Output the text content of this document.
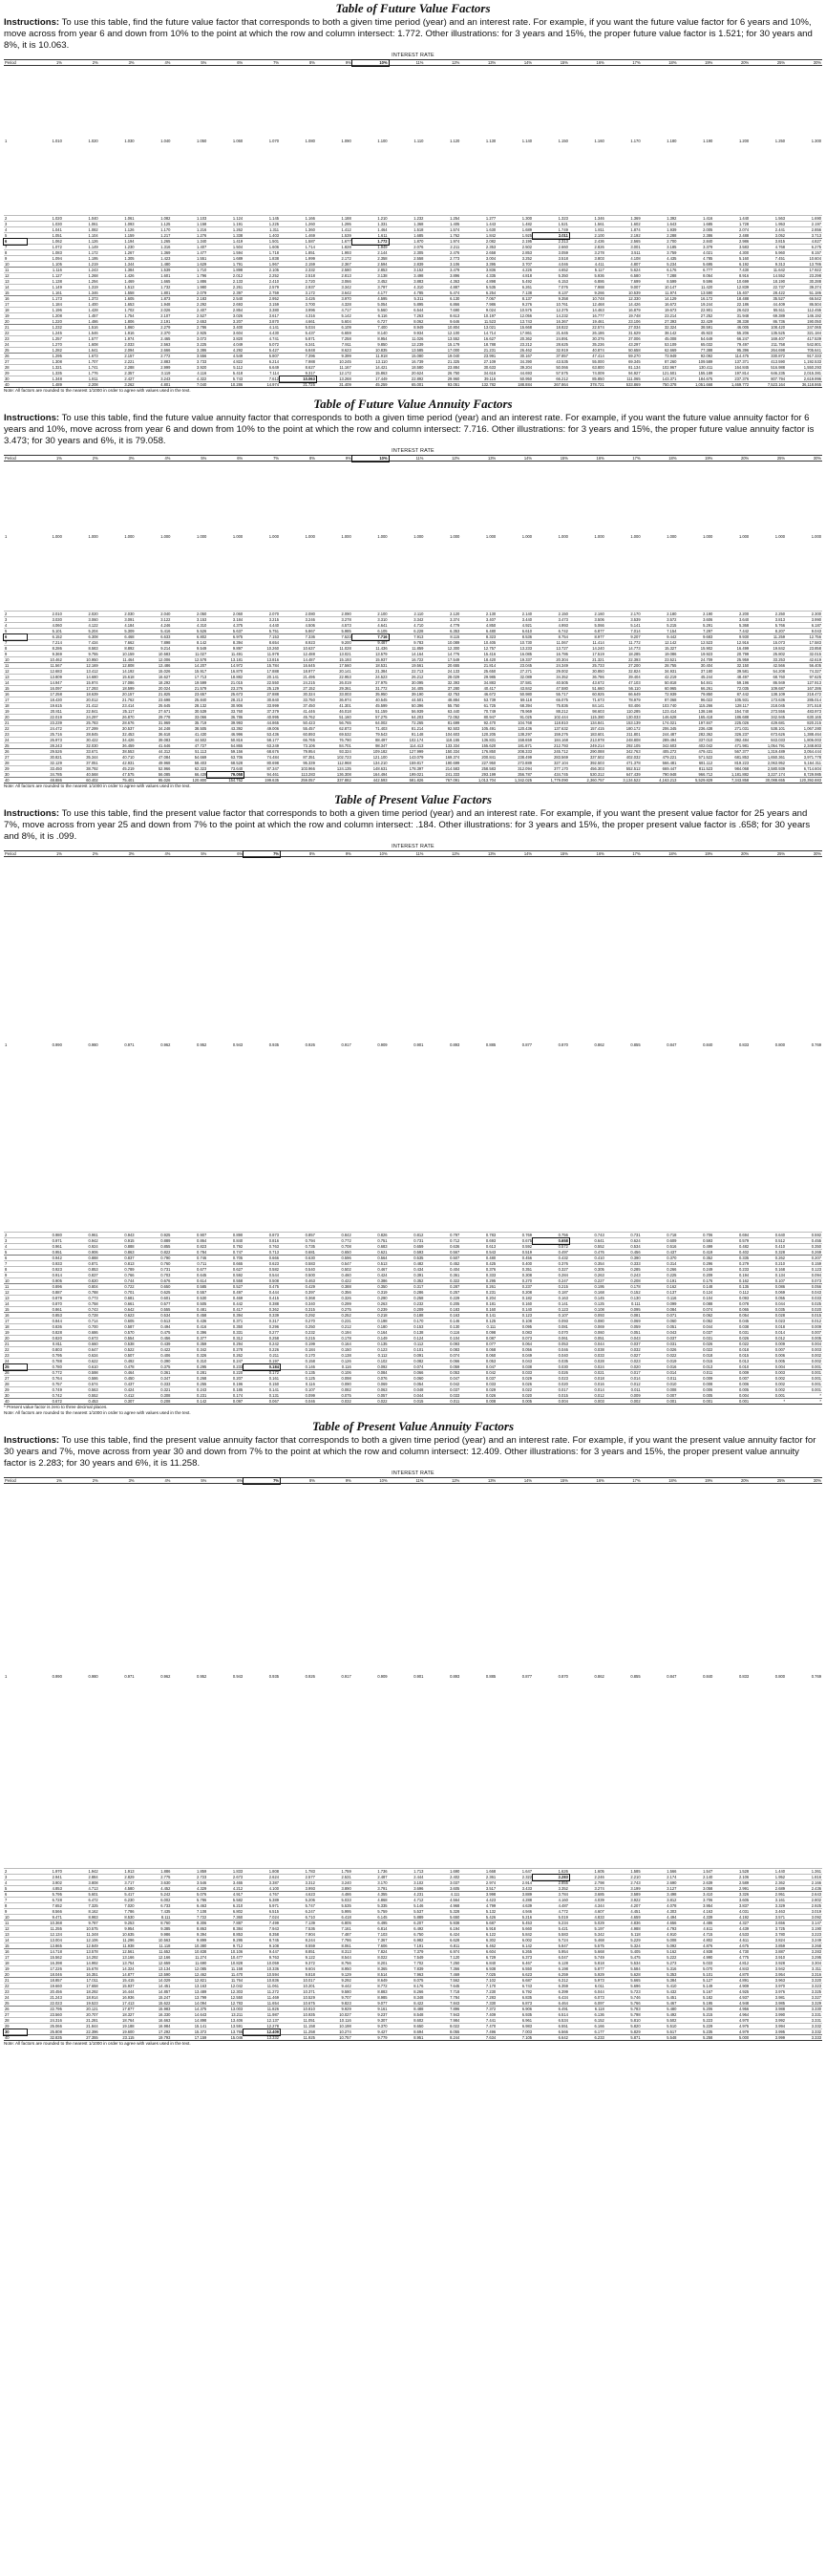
Table of Future Value Factors

Instructions: To use this table, find the future value factor that corresponds to both a given time period (year) and an interest rate. For example, if you want the future value factor for 6 years and 10%, move across from year 6 and down from 10% to the point at which the row and column intersect: 1.772. Other illustrations: for 3 years and 15%, the proper future value factor is 1.521; for 30 years and 8%, it is 10.063.

INTEREST RATE
Period	1%	2%	3%	4%	5%	6%	7%	8%	9%	10%	11%	12%	13%	14%	15%	16%	17%	18%	19%	20%	25%	30%
1	1.010	1.020	1.030	1.040	1.050	1.060	1.070	1.080	1.090	1.100	1.110	1.120	1.130	1.140	1.150	1.160	1.170	1.180	1.190	1.200	1.250	1.300
2	1.020	1.040	1.061	1.082	1.103	1.124	1.145	1.166	1.188	1.210	1.232	1.254	1.277	1.300	1.323	1.346	1.369	1.392	1.416	1.440	1.563	1.690
3	1.030	1.061	1.093	1.125	1.158	1.191	1.225	1.260	1.295	1.331	1.368	1.405	1.443	1.482	1.521	1.561	1.602	1.643	1.685	1.728	1.953	2.197
4	1.041	1.082	1.126	1.170	1.216	1.262	1.311	1.360	1.412	1.464	1.518	1.574	1.630	1.689	1.749	1.811	1.874	1.939	2.005	2.074	2.441	2.856
5	1.051	1.104	1.159	1.217	1.276	1.338	1.403	1.469	1.539	1.611	1.685	1.762	1.842	1.925	2.011	2.100	2.192	2.288	2.386	2.488	3.052	3.713
6	1.062	1.126	1.194	1.265	1.340	1.419	1.501	1.587	1.677	1.772	1.870	1.974	2.082	2.195	2.313	2.436	2.565	2.700	2.840	2.986	3.815	4.827
7	1.072	1.149	1.230	1.316	1.407	1.504	1.606	1.714	1.828	1.949	2.076	2.211	2.353	2.502	2.660	2.826	3.001	3.185	3.379	3.583	4.768	6.275
8	1.083	1.172	1.267	1.369	1.477	1.594	1.718	1.851	1.993	2.144	2.305	2.476	2.658	2.853	3.059	3.278	3.511	3.759	4.021	4.300	5.960	8.157
9	1.094	1.195	1.305	1.423	1.551	1.689	1.838	1.999	2.172	2.358	2.558	2.773	3.004	3.252	3.518	3.803	4.108	4.435	4.785	5.160	7.451	10.604
10	1.105	1.219	1.344	1.480	1.629	1.791	1.967	2.159	2.367	2.594	2.839	3.106	3.395	3.707	4.046	4.411	4.807	5.234	5.695	6.192	9.313	13.786
11	1.116	1.243	1.384	1.539	1.710	1.898	2.105	2.332	2.580	2.853	3.152	3.479	3.836	4.226	4.652	5.117	5.624	6.176	6.777	7.430	11.642	17.922
12	1.127	1.268	1.426	1.601	1.796	2.012	2.252	2.518	2.813	3.138	3.498	3.896	4.335	4.818	5.350	5.936	6.580	7.288	8.064	8.916	14.552	23.298
13	1.138	1.294	1.469	1.665	1.886	2.133	2.410	2.720	3.066	3.452	3.883	4.363	4.898	5.492	6.153	6.886	7.699	8.599	9.596	10.699	18.190	30.288
14	1.149	1.319	1.513	1.732	1.980	2.261	2.579	2.937	3.342	3.797	4.310	4.887	5.535	6.261	7.076	7.988	9.007	10.147	11.420	12.839	22.737	39.374
15	1.161	1.346	1.558	1.801	2.079	2.397	2.759	3.172	3.642	4.177	4.785	5.474	6.254	7.138	8.137	9.266	10.539	11.974	13.590	15.407	28.422	51.186
16	1.173	1.373	1.605	1.873	2.183	2.540	2.952	3.426	3.970	4.595	5.311	6.130	7.067	8.137	9.358	10.748	12.330	14.129	16.172	18.488	35.527	66.542
17	1.184	1.400	1.653	1.948	2.292	2.693	3.159	3.700	4.328	5.054	5.895	6.866	7.986	9.276	10.761	12.468	14.426	16.672	19.244	22.186	44.409	86.504
18	1.196	1.428	1.702	2.026	2.407	2.854	3.380	3.996	4.717	5.560	6.544	7.690	9.024	10.575	12.375	14.463	16.879	19.673	22.901	26.623	55.511	112.455
19	1.208	1.457	1.754	2.107	2.527	3.026	3.617	4.316	5.142	6.116	7.263	8.613	10.197	12.056	14.232	16.777	19.748	23.214	27.252	31.948	69.389	146.192
20	1.220	1.486	1.806	2.191	2.653	3.207	3.870	4.661	5.604	6.727	8.062	9.646	11.523	13.743	16.367	19.461	23.106	27.393	32.429	38.338	86.736	190.050
21	1.232	1.516	1.860	2.279	2.786	3.400	4.141	5.034	6.109	7.400	8.949	10.804	13.021	15.668	18.822	22.574	27.034	32.324	38.591	46.005	108.420	247.065
22	1.245	1.546	1.916	2.370	2.925	3.604	4.430	5.437	6.659	8.140	9.934	12.100	14.714	17.861	21.645	26.186	31.629	38.142	45.923	55.206	135.525	321.184
23	1.257	1.577	1.974	2.465	3.072	3.820	4.741	5.871	7.258	8.954	11.026	13.552	16.627	20.362	24.891	30.376	37.006	45.008	54.649	66.247	169.407	417.539
24	1.270	1.608	2.033	2.563	3.225	4.049	5.072	6.341	7.911	9.850	12.239	15.179	18.788	23.212	28.625	35.236	43.297	53.109	65.032	79.497	211.758	542.801
25	1.282	1.641	2.094	2.666	3.386	4.292	5.427	6.848	8.623	10.835	13.585	17.000	21.231	26.462	32.919	40.874	50.658	62.669	77.388	95.396	264.698	705.641
26	1.295	1.673	2.157	2.772	3.556	4.549	5.807	7.396	9.399	11.918	15.080	19.040	23.991	30.167	37.857	47.414	59.270	73.949	92.092	114.475	330.872	917.333
27	1.308	1.707	2.221	2.883	3.733	4.822	6.214	7.988	10.245	13.110	16.739	21.325	27.109	34.390	43.535	55.000	69.345	87.260	109.589	137.371	413.590	1,192.533
28	1.321	1.741	2.288	2.999	3.920	5.112	6.649	8.627	11.167	14.421	18.580	23.884	30.633	39.204	50.066	63.800	81.134	102.967	130.411	164.845	516.988	1,550.293
29	1.335	1.776	2.357	3.119	4.116	5.418	7.114	9.317	12.172	15.863	20.624	26.750	34.616	44.693	57.575	74.009	94.927	121.501	155.189	197.814	646.235	2,015.381
30	1.348	1.811	2.427	3.243	4.322	5.743	7.612	10.063	13.268	17.449	22.892	29.960	39.116	50.950	66.212	85.850	111.065	143.371	184.675	237.376	807.794	2,619.996
40	1.489	2.208	3.262	4.801	7.040	10.286	14.974	21.725	31.409	45.259	65.001	93.051	132.782	188.884	267.864	378.721	533.869	750.378	1,051.668	1,469.772	7,523.164	36,118.865
Note: All factors are rounded to the nearest 1/1000 in order to agree with values used in the text.
Table of Future Value Annuity Factors

Instructions: To use this table, find the future value annuity factor that corresponds to both a given time period (year) and an interest rate. For example, if you want the future value annuity factor for 6 years and 10%, move across from year 6 and down from 10% to the point at which the row and column intersect: 7.716. Other illustrations: for 3 years and 15%, the proper future value annuity factor is 3.473; for 30 years and 6%, it is 79.058.

INTEREST RATE
Period	1%	2%	3%	4%	5%	6%	7%	8%	9%	10%	11%	12%	13%	14%	15%	16%	17%	18%	19%	20%	25%	30%
1	1.000	1.000	1.000	1.000	1.000	1.000	1.000	1.000	1.000	1.000	1.000	1.000	1.000	1.000	1.000	1.000	1.000	1.000	1.000	1.000	1.000	1.000
2	2.010	2.020	2.030	2.040	2.050	2.060	2.070	2.080	2.090	2.100	2.110	2.120	2.130	2.140	2.150	2.160	2.170	2.180	2.190	2.200	2.250	2.300
3	3.030	3.060	3.091	3.122	3.153	3.184	3.215	3.246	3.278	3.310	3.342	3.374	3.407	3.440	3.473	3.506	3.539	3.572	3.606	3.640	3.813	3.990
4	4.060	4.122	4.184	4.246	4.310	4.375	4.440	4.506	4.573	4.641	4.710	4.779	4.850	4.921	4.993	5.066	5.141	5.215	5.291	5.368	5.766	6.187
5	5.101	5.204	5.309	5.416	5.526	5.637	5.751	5.867	5.985	6.105	6.228	6.353	6.480	6.610	6.742	6.877	7.014	7.154	7.297	7.442	8.207	9.043
6	6.152	6.308	6.468	6.633	6.802	6.975	7.153	7.336	7.523	7.716	7.913	8.115	8.323	8.536	8.754	8.977	9.207	9.442	9.683	9.930	11.259	12.756
7	7.214	7.434	7.662	7.898	8.142	8.394	8.654	8.923	9.200	9.487	9.783	10.089	10.405	10.730	11.067	11.414	11.772	12.142	12.523	12.916	15.073	17.583
8	8.286	8.583	8.892	9.214	9.549	9.897	10.260	10.637	11.028	11.436	11.859	12.300	12.757	13.233	13.727	14.240	14.773	15.327	15.902	16.499	19.842	23.858
9	9.369	9.755	10.159	10.583	11.027	11.491	11.978	12.488	13.021	13.579	14.164	14.776	15.416	16.085	16.786	17.519	18.285	19.086	19.923	20.799	25.802	32.015
10	10.462	10.950	11.464	12.006	12.578	13.181	13.816	14.487	15.193	15.937	16.722	17.549	18.420	19.337	20.304	21.321	22.393	23.521	24.709	25.959	33.253	42.619
11	11.567	12.169	12.808	13.486	14.207	14.972	15.784	16.645	17.560	18.531	19.561	20.655	21.814	23.045	24.349	25.733	27.200	28.755	30.404	32.150	42.566	56.405
12	12.683	13.412	14.192	15.026	15.917	16.870	17.888	18.977	20.141	21.384	22.713	24.133	25.650	27.271	29.002	30.850	32.824	34.931	37.180	39.581	54.208	74.327
13	13.809	14.680	15.618	16.627	17.713	18.882	20.141	21.495	22.953	24.523	26.212	28.029	29.985	32.089	34.352	36.786	39.404	42.219	45.244	48.497	68.760	97.625
14	14.947	15.974	17.086	18.292	19.599	21.015	22.550	24.215	26.019	27.975	30.095	32.393	34.883	37.581	40.505	43.672	47.103	50.818	54.841	59.196	86.949	127.913
15	16.097	17.293	18.599	20.024	21.579	23.276	25.129	27.152	29.361	31.772	34.405	37.280	40.417	43.842	47.580	51.660	56.110	60.965	66.261	72.035	109.687	167.286
16	17.258	18.639	20.157	21.825	23.657	25.673	27.888	30.324	33.003	35.950	39.190	42.753	46.672	50.980	55.717	60.925	66.649	72.939	79.850	87.442	138.109	218.472
17	18.430	20.012	21.762	23.698	25.840	28.213	30.840	33.750	36.974	40.545	44.501	48.884	53.739	59.118	65.075	71.673	78.979	87.068	96.022	105.931	173.636	285.014
18	19.615	21.412	23.414	25.645	28.132	30.906	33.999	37.450	41.301	45.599	50.396	55.750	61.725	68.394	75.836	84.141	93.406	103.740	115.266	128.117	218.045	371.518
19	20.811	22.841	25.117	27.671	30.539	33.760	37.379	41.446	46.018	51.159	56.939	63.440	70.749	78.969	88.212	98.603	110.285	123.414	138.166	154.740	273.556	483.973
20	22.019	24.297	26.870	29.778	33.066	36.786	40.995	45.762	51.160	57.275	64.203	72.052	80.947	91.025	102.444	115.380	130.033	146.628	165.418	186.688	342.945	630.165
21	23.239	25.783	28.676	31.969	35.719	39.993	44.865	50.423	56.765	64.002	72.265	81.699	92.470	104.768	118.810	134.841	153.139	174.021	197.847	225.026	429.681	820.215
22	24.472	27.299	30.537	34.248	38.505	43.392	49.006	55.457	62.873	71.403	81.214	92.503	105.491	120.436	137.632	157.415	180.172	206.345	236.438	271.031	538.101	1,067.280
23	25.716	28.845	32.453	36.618	41.430	46.996	53.436	60.893	69.532	79.543	91.148	104.603	120.205	138.297	159.276	183.601	211.801	244.487	282.362	326.237	673.626	1,388.464
24	26.973	30.422	34.426	39.083	44.502	50.816	58.177	66.765	76.790	88.497	102.174	118.155	136.831	158.659	184.168	213.978	248.808	289.494	337.010	392.484	843.033	1,806.003
25	28.243	32.030	36.459	41.646	47.727	54.865	63.249	73.106	84.701	98.347	114.413	133.334	155.620	181.871	212.793	249.214	292.105	342.603	402.042	471.981	1,054.791	2,348.803
26	29.526	33.671	38.553	44.312	51.113	59.156	68.676	79.954	93.324	109.182	127.999	150.334	176.850	208.333	245.712	290.088	342.763	405.272	479.431	567.377	1,319.489	3,054.444
27	30.821	35.344	40.710	47.084	54.669	63.706	74.484	87.351	102.723	121.100	143.079	169.374	200.841	238.499	283.569	337.502	402.032	479.221	571.522	681.853	1,650.361	3,971.778
28	32.129	37.051	42.931	49.968	58.403	68.528	80.698	95.339	112.968	134.210	159.817	190.699	227.950	272.889	327.104	392.503	471.378	566.481	681.112	819.223	2,063.952	5,164.311
29	33.450	38.792	45.219	52.966	62.323	73.640	87.347	103.966	124.135	148.631	178.397	214.583	258.583	312.094	377.170	456.303	552.512	669.447	811.523	984.068	2,580.939	6,714.604
30	34.785	40.568	47.575	56.085	66.439	79.058	94.461	113.283	136.308	164.494	199.021	241.333	293.199	356.787	434.745	530.312	647.439	790.948	966.712	1,181.882	3,227.174	8,729.985
40	48.886	60.402	75.401	95.026	120.800	154.762	199.635	259.057	337.882	442.593	581.826	767.091	1,013.704	1,342.025	1,779.090	2,360.757	3,134.522	4,163.213	5,529.829	7,343.858	30,088.655	120,392.883
Note: All factors are rounded to the nearest 1/1000 in order to agree with values used in the text.
Table of Present Value Factors

Instructions: To use this table, find the present value factor that corresponds to both a given time period (year) and an interest rate. For example, if you want the present value factor for 25 years and 7%, move across from year 25 and down from 7% to the point at which the row and column intersect: .184. Other illustrations: for 3 years and 15%, the proper present value factor is .658; for 30 years and 8%, it is .099.

INTEREST RATE
Period	1%	2%	3%	4%	5%	6%	7%	8%	9%	10%	11%	12%	13%	14%	15%	16%	17%	18%	19%	20%	25%	30%
1	0.990	0.980	0.971	0.962	0.952	0.943	0.935	0.926	0.917	0.909	0.901	0.893	0.885	0.877	0.870	0.862	0.855	0.847	0.840	0.833	0.800	0.769
2	0.980	0.961	0.943	0.925	0.907	0.890	0.873	0.857	0.842	0.826	0.812	0.797	0.783	0.769	0.756	0.743	0.731	0.718	0.706	0.694	0.640	0.592
3	0.971	0.942	0.915	0.889	0.864	0.840	0.816	0.794	0.772	0.751	0.731	0.712	0.693	0.675	0.658	0.641	0.624	0.609	0.593	0.579	0.512	0.455
4	0.961	0.924	0.888	0.855	0.823	0.792	0.763	0.735	0.708	0.683	0.659	0.636	0.613	0.592	0.572	0.552	0.534	0.516	0.499	0.482	0.410	0.350
5	0.951	0.906	0.863	0.822	0.784	0.747	0.713	0.681	0.650	0.621	0.593	0.567	0.543	0.519	0.497	0.476	0.456	0.437	0.419	0.402	0.328	0.269
6	0.942	0.888	0.837	0.790	0.746	0.705	0.666	0.630	0.596	0.564	0.535	0.507	0.480	0.456	0.432	0.410	0.390	0.370	0.352	0.335	0.262	0.207
7	0.933	0.871	0.813	0.760	0.711	0.665	0.623	0.583	0.547	0.513	0.482	0.452	0.425	0.400	0.376	0.354	0.333	0.314	0.296	0.279	0.210	0.159
8	0.923	0.853	0.789	0.731	0.677	0.627	0.582	0.540	0.502	0.467	0.434	0.404	0.376	0.351	0.327	0.305	0.285	0.266	0.249	0.233	0.168	0.123
9	0.914	0.837	0.766	0.703	0.645	0.592	0.544	0.500	0.460	0.424	0.391	0.361	0.333	0.308	0.284	0.263	0.243	0.225	0.209	0.194	0.134	0.094
10	0.905	0.820	0.744	0.676	0.614	0.558	0.508	0.463	0.422	0.386	0.352	0.322	0.295	0.270	0.247	0.227	0.208	0.191	0.176	0.162	0.107	0.073
11	0.896	0.804	0.722	0.650	0.585	0.527	0.475	0.429	0.388	0.350	0.317	0.287	0.261	0.237	0.215	0.195	0.178	0.162	0.148	0.135	0.086	0.056
12	0.887	0.788	0.701	0.625	0.557	0.497	0.444	0.397	0.356	0.319	0.286	0.257	0.231	0.208	0.187	0.168	0.152	0.137	0.124	0.112	0.069	0.043
13	0.879	0.773	0.681	0.601	0.530	0.469	0.415	0.368	0.326	0.290	0.258	0.229	0.204	0.182	0.163	0.145	0.130	0.116	0.104	0.093	0.055	0.033
14	0.870	0.758	0.661	0.577	0.505	0.442	0.388	0.340	0.299	0.263	0.232	0.205	0.181	0.160	0.141	0.125	0.111	0.099	0.088	0.078	0.044	0.025
15	0.861	0.743	0.642	0.555	0.481	0.417	0.362	0.315	0.275	0.239	0.209	0.183	0.160	0.140	0.123	0.108	0.095	0.084	0.074	0.065	0.035	0.020
16	0.853	0.728	0.623	0.534	0.458	0.394	0.339	0.292	0.252	0.218	0.188	0.163	0.141	0.123	0.107	0.093	0.081	0.071	0.062	0.054	0.028	0.015
17	0.844	0.714	0.605	0.513	0.436	0.371	0.317	0.270	0.231	0.198	0.170	0.146	0.125	0.108	0.093	0.080	0.069	0.060	0.052	0.045	0.023	0.012
18	0.836	0.700	0.587	0.494	0.416	0.350	0.296	0.250	0.212	0.180	0.153	0.130	0.111	0.095	0.081	0.069	0.059	0.051	0.044	0.038	0.018	0.009
19	0.828	0.686	0.570	0.475	0.396	0.331	0.277	0.232	0.194	0.164	0.138	0.116	0.098	0.083	0.070	0.060	0.051	0.043	0.037	0.031	0.014	0.007
20	0.820	0.673	0.554	0.456	0.377	0.312	0.258	0.215	0.178	0.149	0.124	0.104	0.087	0.073	0.061	0.051	0.043	0.037	0.031	0.026	0.012	0.005
21	0.811	0.660	0.538	0.439	0.359	0.294	0.242	0.199	0.164	0.135	0.112	0.093	0.077	0.064	0.053	0.044	0.037	0.031	0.026	0.022	0.009	0.004
22	0.803	0.647	0.522	0.422	0.342	0.278	0.226	0.184	0.150	0.123	0.101	0.083	0.068	0.056	0.046	0.038	0.032	0.026	0.022	0.018	0.007	0.003
23	0.795	0.634	0.507	0.406	0.326	0.262	0.211	0.170	0.138	0.112	0.091	0.074	0.060	0.049	0.040	0.033	0.027	0.022	0.018	0.015	0.006	0.002
24	0.788	0.622	0.492	0.390	0.310	0.247	0.197	0.158	0.126	0.102	0.082	0.066	0.053	0.043	0.035	0.028	0.023	0.019	0.015	0.013	0.005	0.002
25	0.780	0.610	0.478	0.375	0.295	0.233	0.184	0.146	0.116	0.092	0.074	0.059	0.047	0.038	0.030	0.024	0.020	0.016	0.013	0.010	0.004	0.001
26	0.772	0.598	0.464	0.361	0.281	0.220	0.172	0.135	0.106	0.084	0.066	0.053	0.042	0.033	0.026	0.021	0.017	0.014	0.011	0.009	0.003	0.001
27	0.764	0.586	0.450	0.347	0.268	0.207	0.161	0.125	0.098	0.076	0.060	0.047	0.037	0.029	0.023	0.018	0.014	0.011	0.009	0.007	0.002	0.001
28	0.757	0.574	0.437	0.333	0.255	0.196	0.150	0.116	0.090	0.069	0.054	0.042	0.033	0.026	0.020	0.016	0.012	0.010	0.008	0.006	0.002	0.001
29	0.749	0.563	0.424	0.321	0.243	0.185	0.141	0.107	0.082	0.063	0.048	0.037	0.029	0.022	0.017	0.014	0.011	0.008	0.006	0.005	0.002	0.001
30	0.742	0.552	0.412	0.308	0.231	0.174	0.131	0.099	0.075	0.057	0.044	0.033	0.026	0.020	0.015	0.012	0.009	0.007	0.005	0.004	0.001	*
40	0.672	0.453	0.307	0.208	0.142	0.097	0.067	0.046	0.032	0.022	0.015	0.011	0.008	0.005	0.004	0.003	0.002	0.001	0.001	0.001	*	*
* Present value factor is zero to three decimal places.
Note: All factors are rounded to the nearest 1/1000 in order to agree with values used in the text.
Table of Present Value Annuity Factors

Instructions: To use this table, find the present value annuity factor that corresponds to both a given time period (year) and an interest rate. For example, if you want the present value annuity factor for 30 years and 7%, move across from year 30 and down from 7% to the point at which the row and column intersect: 12.409. Other illustrations: for 3 years and 15%, the proper present value annuity factor is 2.283; for 30 years and 6%, it is 11.258.

INTEREST RATE
Period	1%	2%	3%	4%	5%	6%	7%	8%	9%	10%	11%	12%	13%	14%	15%	16%	17%	18%	19%	20%	25%	30%
1	0.990	0.980	0.971	0.962	0.952	0.943	0.935	0.926	0.917	0.909	0.901	0.893	0.885	0.877	0.870	0.862	0.855	0.847	0.840	0.833	0.800	0.769
2	1.970	1.942	1.913	1.886	1.859	1.833	1.808	1.783	1.759	1.736	1.713	1.690	1.668	1.647	1.626	1.605	1.585	1.566	1.547	1.528	1.440	1.361
3	2.941	2.884	2.829	2.775	2.723	2.673	2.624	2.577	2.531	2.487	2.444	2.402	2.361	2.322	2.283	2.246	2.210	2.174	2.140	2.106	1.952	1.816
4	3.902	3.808	3.717	3.630	3.546	3.465	3.387	3.312	3.240	3.170	3.102	3.037	2.974	2.914	2.855	2.798	2.743	2.690	2.639	2.589	2.362	2.166
5	4.853	4.713	4.580	4.452	4.329	4.212	4.100	3.993	3.890	3.791	3.696	3.605	3.517	3.433	3.352	3.274	3.199	3.127	3.058	2.991	2.689	2.436
6	5.795	5.601	5.417	5.242	5.076	4.917	4.767	4.623	4.486	4.355	4.231	4.111	3.998	3.889	3.784	3.685	3.589	3.498	3.410	3.326	2.951	2.643
7	6.728	6.472	6.230	6.002	5.786	5.582	5.389	5.206	5.033	4.868	4.712	4.564	4.423	4.288	4.160	4.039	3.922	3.812	3.706	3.605	3.161	2.802
8	7.652	7.325	7.020	6.733	6.463	6.210	5.971	5.747	5.535	5.335	5.146	4.968	4.799	4.639	4.487	4.344	4.207	4.078	3.954	3.837	3.329	2.925
9	8.566	8.162	7.786	7.435	7.108	6.802	6.515	6.247	5.995	5.759	5.537	5.328	5.132	4.946	4.772	4.607	4.451	4.303	4.163	4.031	3.463	3.019
10	9.471	8.983	8.530	8.111	7.722	7.360	7.024	6.710	6.418	6.145	5.889	5.650	5.426	5.216	5.019	4.833	4.659	4.494	4.339	4.192	3.571	3.092
11	10.368	9.787	9.253	8.760	8.306	7.887	7.499	7.139	6.805	6.495	6.207	5.938	5.687	5.453	5.234	5.029	4.836	4.656	4.486	4.327	3.656	3.147
12	11.255	10.575	9.954	9.385	8.863	8.384	7.943	7.536	7.161	6.814	6.492	6.194	5.918	5.660	5.421	5.197	4.988	4.793	4.611	4.439	3.725	3.190
13	12.134	11.348	10.635	9.986	9.394	8.853	8.358	7.904	7.487	7.103	6.750	6.424	6.122	5.842	5.583	5.342	5.118	4.910	4.715	4.533	3.780	3.223
14	13.004	12.106	11.296	10.563	9.899	9.295	8.745	8.244	7.786	7.367	6.982	6.628	6.302	6.002	5.724	5.468	5.229	5.008	4.802	4.611	3.824	3.249
15	13.865	12.849	11.938	11.118	10.380	9.712	9.108	8.559	8.061	7.606	7.191	6.811	6.462	6.142	5.847	5.575	5.324	5.092	4.876	4.675	3.859	3.268
16	14.718	13.578	12.561	11.652	10.838	10.106	9.447	8.851	8.313	7.824	7.379	6.974	6.604	6.265	5.954	5.668	5.405	5.162	4.938	4.730	3.887	3.283
17	15.562	14.292	13.166	12.166	11.274	10.477	9.763	9.122	8.544	8.022	7.549	7.120	6.729	6.373	6.047	5.749	5.475	5.222	4.990	4.775	3.910	3.295
18	16.398	14.992	13.754	12.659	11.690	10.828	10.059	9.372	8.756	8.201	7.702	7.250	6.840	6.467	6.128	5.818	5.534	5.273	5.033	4.812	3.928	3.304
19	17.226	15.678	14.324	13.134	12.085	11.158	10.336	9.604	8.950	8.365	7.839	7.366	6.938	6.550	6.198	5.877	5.584	5.316	5.070	4.843	3.942	3.311
20	18.046	16.351	14.877	13.590	12.462	11.470	10.594	9.818	9.129	8.514	7.963	7.469	7.025	6.623	6.259	5.929	5.628	5.353	5.101	4.870	3.954	3.316
21	18.857	17.011	15.415	14.029	12.821	11.764	10.836	10.017	9.292	8.649	8.075	7.562	7.102	6.687	6.312	5.973	5.665	5.384	5.127	4.891	3.963	3.320
22	19.660	17.658	15.937	14.451	13.163	12.042	11.061	10.201	9.442	8.772	8.176	7.645	7.170	6.743	6.359	6.011	5.696	5.410	5.149	4.909	3.970	3.323
23	20.456	18.292	16.444	14.857	13.489	12.303	11.272	10.371	9.580	8.883	8.266	7.718	7.230	6.792	6.399	6.044	5.723	5.432	5.167	4.925	3.976	3.325
24	21.243	18.914	16.936	15.247	13.799	12.550	11.469	10.529	9.707	8.985	8.348	7.784	7.283	6.835	6.434	6.073	5.746	5.451	5.182	4.937	3.981	3.327
25	22.023	19.523	17.413	15.622	14.094	12.783	11.654	10.675	9.823	9.077	8.422	7.843	7.330	6.873	6.464	6.097	5.766	5.467	5.195	4.948	3.985	3.329
26	22.795	20.121	17.877	15.983	14.375	13.003	11.826	10.810	9.929	9.161	8.488	7.896	7.372	6.906	6.491	6.118	5.783	5.480	5.206	4.956	3.988	3.330
27	23.560	20.707	18.327	16.330	14.643	13.211	11.987	10.935	10.027	9.237	8.548	7.943	7.409	6.935	6.514	6.136	5.798	5.492	5.215	4.964	3.990	3.331
28	24.316	21.281	18.764	16.663	14.898	13.406	12.137	11.051	10.116	9.307	8.602	7.984	7.441	6.961	6.534	6.152	5.810	5.502	5.223	4.970	3.992	3.331
29	25.066	21.844	19.188	16.984	15.141	13.591	12.278	11.158	10.198	9.370	8.650	8.022	7.470	6.983	6.551	6.166	5.820	5.510	5.229	4.975	3.994	3.332
30	25.808	22.396	19.600	17.292	15.372	13.765	12.409	11.258	10.274	9.427	8.694	8.055	7.496	7.003	6.566	6.177	5.829	5.517	5.235	4.979	3.995	3.332
40	32.835	27.355	23.115	19.793	17.159	15.046	13.332	11.925	10.757	9.779	8.951	8.244	7.634	7.105	6.642	6.233	5.871	5.548	5.258	5.000	3.999	3.333
Note: All factors are rounded to the nearest 1/1000 in order to agree with values used in the text.
